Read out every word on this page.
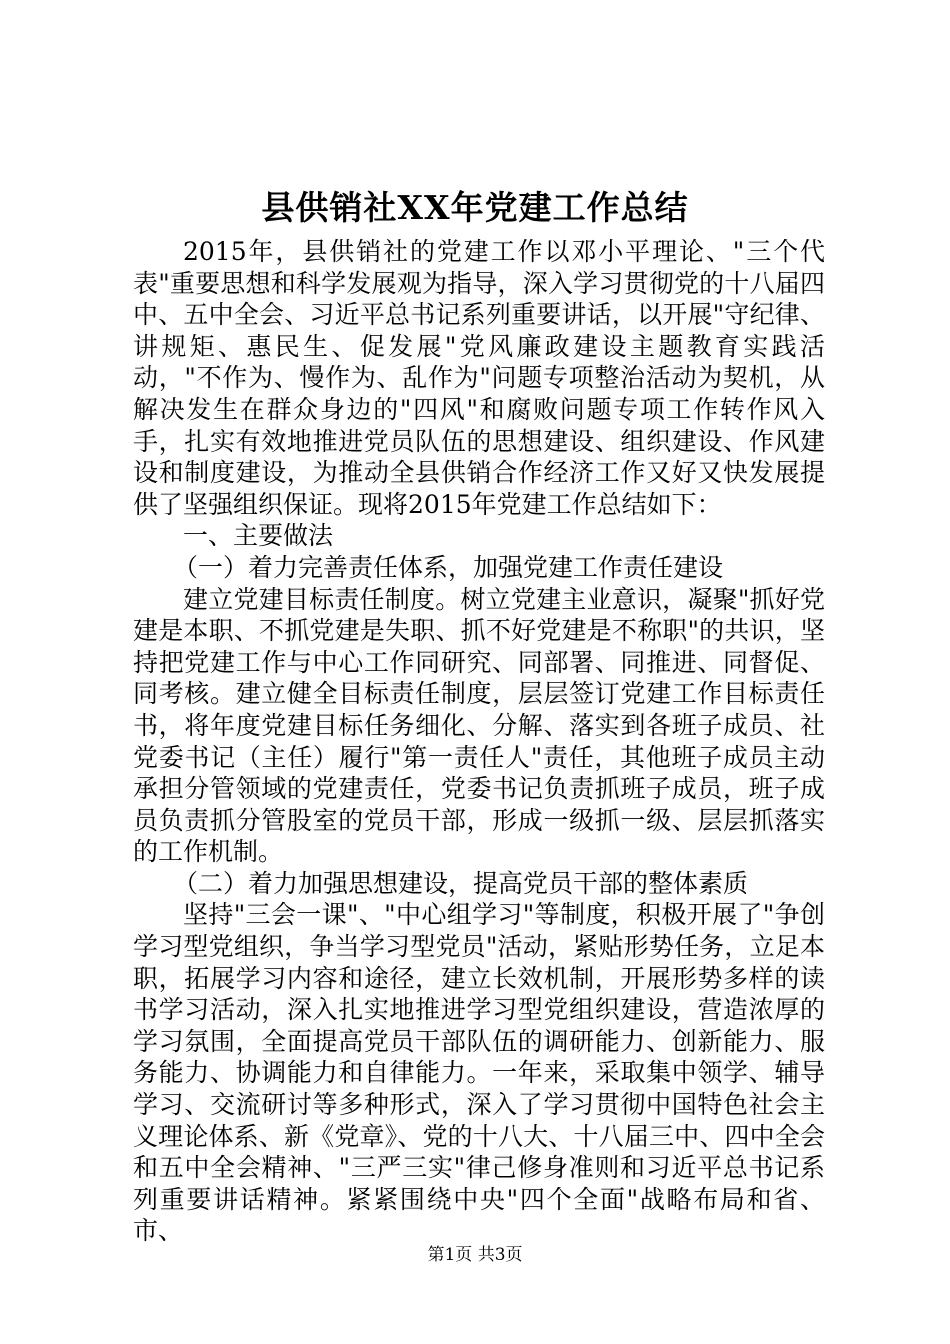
县供销社XX年党建工作总结

2015年，县供销社的党建工作以邓小平理论、"三个代表"重要思想和科学发展观为指导，深入学习贯彻党的十八届四中、五中全会、习近平总书记系列重要讲话，以开展"守纪律、讲规矩、惠民生、促发展"党风廉政建设主题教育实践活动，"不作为、慢作为、乱作为"问题专项整治活动为契机，从解决发生在群众身边的"四风"和腐败问题专项工作转作风入手，扎实有效地推进党员队伍的思想建设、组织建设、作风建设和制度建设，为推动全县供销合作经济工作又好又快发展提供了坚强组织保证。现将2015年党建工作总结如下：

一、主要做法

（一）着力完善责任体系，加强党建工作责任建设

建立党建目标责任制度。树立党建主业意识，凝聚"抓好党建是本职、不抓党建是失职、抓不好党建是不称职"的共识，坚持把党建工作与中心工作同研究、同部署、同推进、同督促、同考核。建立健全目标责任制度，层层签订党建工作目标责任书，将年度党建目标任务细化、分解、落实到各班子成员、社党委书记（主任）履行"第一责任人"责任，其他班子成员主动承担分管领域的党建责任，党委书记负责抓班子成员，班子成员负责抓分管股室的党员干部，形成一级抓一级、层层抓落实的工作机制。

（二）着力加强思想建设，提高党员干部的整体素质

坚持"三会一课"、"中心组学习"等制度，积极开展了"争创学习型党组织，争当学习型党员"活动，紧贴形势任务，立足本职，拓展学习内容和途径，建立长效机制，开展形势多样的读书学习活动，深入扎实地推进学习型党组织建设，营造浓厚的学习氛围，全面提高党员干部队伍的调研能力、创新能力、服务能力、协调能力和自律能力。一年来，采取集中领学、辅导学习、交流研讨等多种形式，深入了学习贯彻中国特色社会主义理论体系、新《党章》、党的十八大、十八届三中、四中全会和五中全会精神、"三严三实"律己修身准则和习近平总书记系列重要讲话精神。紧紧围绕中央"四个全面"战略布局和省、市、

第1页 共3页
